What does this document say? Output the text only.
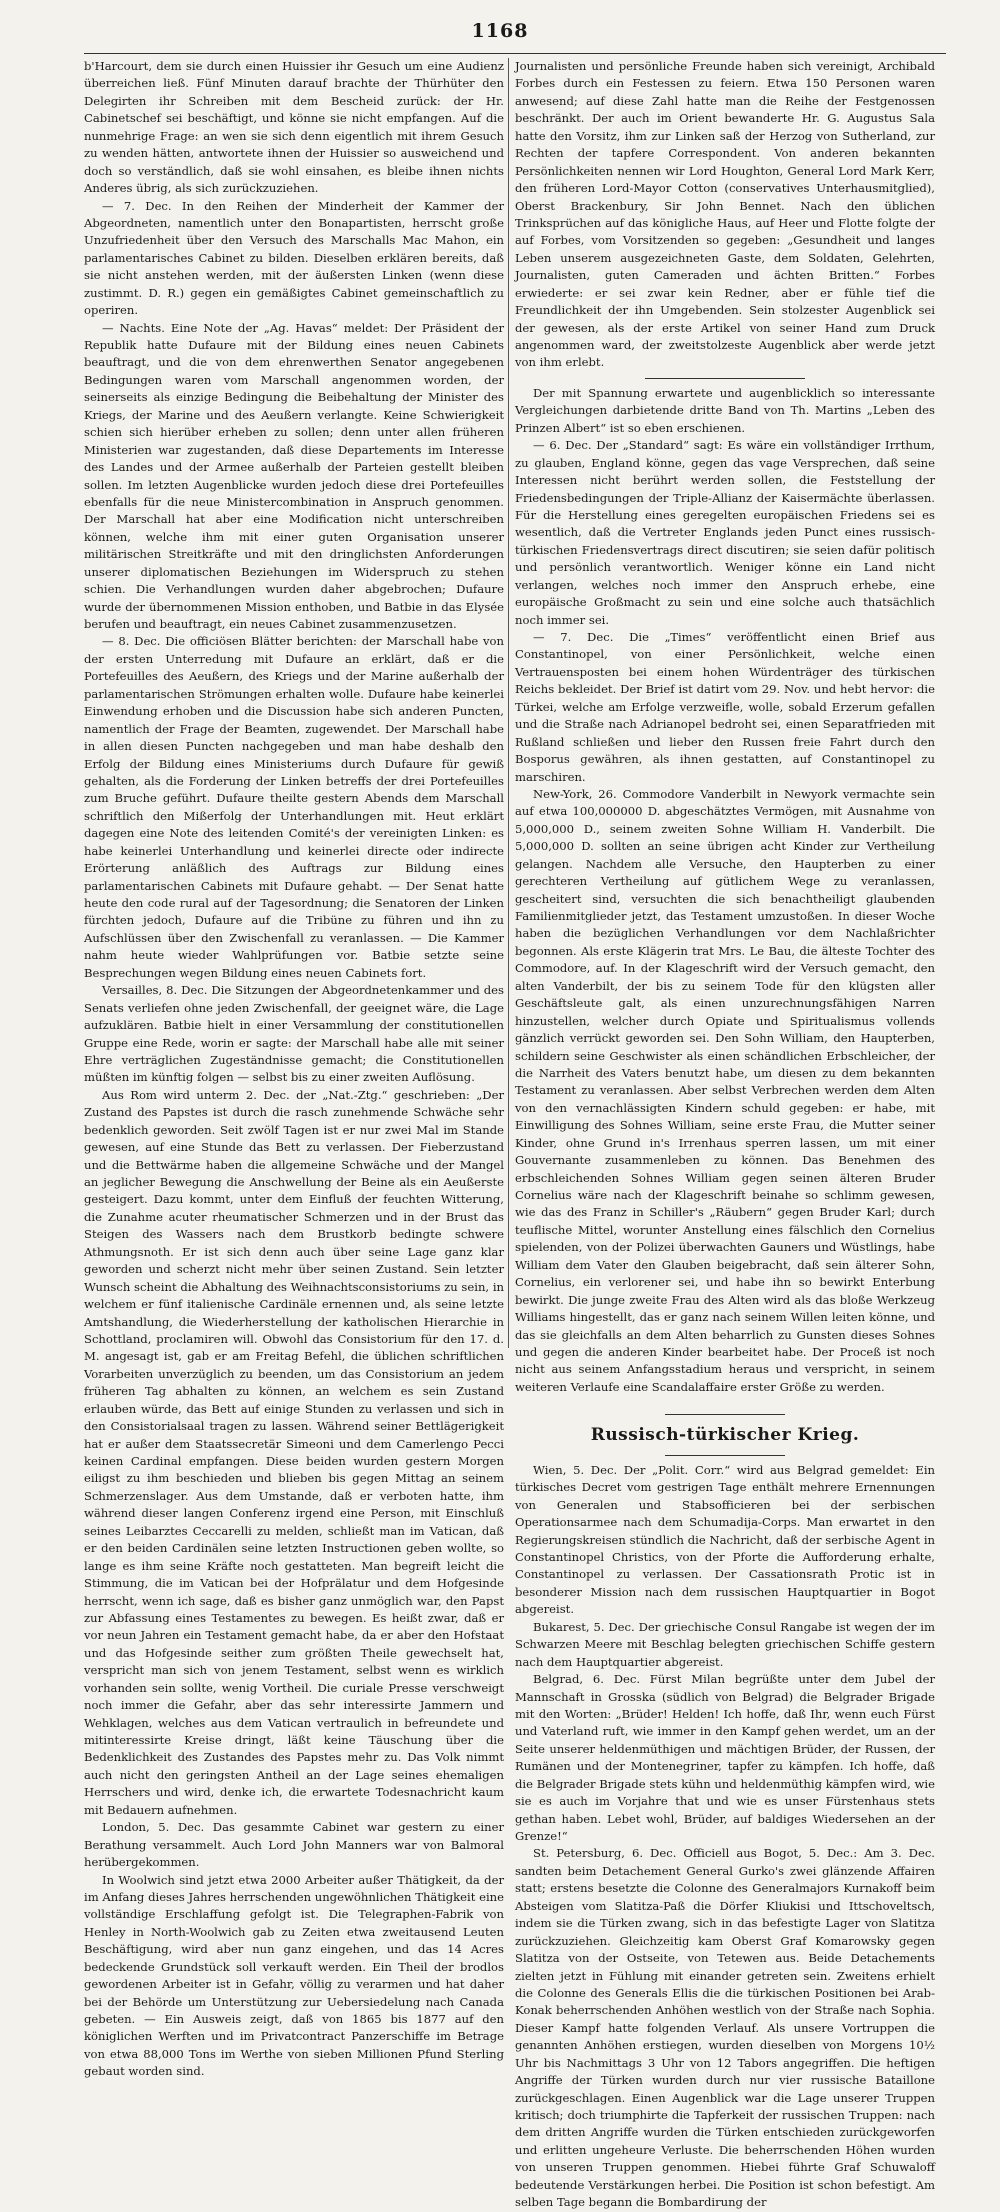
1168

b'Harcourt, dem sie durch einen Huissier ihr Gesuch um eine Audienz überreichen ließ. Fünf Minuten darauf brachte der Thürhüter den Delegirten ihr Schreiben mit dem Bescheid zurück: der Hr. Cabinetschef sei beschäftigt, und könne sie nicht empfangen. Auf die nunmehrige Frage: an wen sie sich denn eigentlich mit ihrem Gesuch zu wenden hätten, antwortete ihnen der Huissier so ausweichend und doch so verständlich, daß sie wohl einsahen, es bleibe ihnen nichts Anderes übrig, als sich zurückzuziehen.

— 7. Dec. In den Reihen der Minderheit der Kammer der Abgeordneten, namentlich unter den Bonapartisten, herrscht große Unzufriedenheit über den Versuch des Marschalls Mac Mahon, ein parlamentarisches Cabinet zu bilden. Dieselben erklären bereits, daß sie nicht anstehen werden, mit der äußersten Linken (wenn diese zustimmt. D. R.) gegen ein gemäßigtes Cabinet gemeinschaftlich zu operiren.

— Nachts. Eine Note der „Ag. Havas“ meldet: Der Präsident der Republik hatte Dufaure mit der Bildung eines neuen Cabinets beauftragt, und die von dem ehrenwerthen Senator angegebenen Bedingungen waren vom Marschall angenommen worden, der seinerseits als einzige Bedingung die Beibehaltung der Minister des Kriegs, der Marine und des Aeußern verlangte. Keine Schwierigkeit schien sich hierüber erheben zu sollen; denn unter allen früheren Ministerien war zugestanden, daß diese Departements im Interesse des Landes und der Armee außerhalb der Parteien gestellt bleiben sollen. Im letzten Augenblicke wurden jedoch diese drei Portefeuilles ebenfalls für die neue Ministercombination in Anspruch genommen. Der Marschall hat aber eine Modification nicht unterschreiben können, welche ihm mit einer guten Organisation unserer militärischen Streitkräfte und mit den dringlichsten Anforderungen unserer diplomatischen Beziehungen im Widerspruch zu stehen schien. Die Verhandlungen wurden daher abgebrochen; Dufaure wurde der übernommenen Mission enthoben, und Batbie in das Elysée berufen und beauftragt, ein neues Cabinet zusammenzusetzen.

— 8. Dec. Die officiösen Blätter berichten: der Marschall habe von der ersten Unterredung mit Dufaure an erklärt, daß er die Portefeuilles des Aeußern, des Kriegs und der Marine außerhalb der parlamentarischen Strömungen erhalten wolle. Dufaure habe keinerlei Einwendung erhoben und die Discussion habe sich anderen Puncten, namentlich der Frage der Beamten, zugewendet. Der Marschall habe in allen diesen Puncten nachgegeben und man habe deshalb den Erfolg der Bildung eines Ministeriums durch Dufaure für gewiß gehalten, als die Forderung der Linken betreffs der drei Portefeuilles zum Bruche geführt. Dufaure theilte gestern Abends dem Marschall schriftlich den Mißerfolg der Unterhandlungen mit. Heut erklärt dagegen eine Note des leitenden Comité's der vereinigten Linken: es habe keinerlei Unterhandlung und keinerlei directe oder indirecte Erörterung anläßlich des Auftrags zur Bildung eines parlamentarischen Cabinets mit Dufaure gehabt. — Der Senat hatte heute den code rural auf der Tagesordnung; die Senatoren der Linken fürchten jedoch, Dufaure auf die Tribüne zu führen und ihn zu Aufschlüssen über den Zwischenfall zu veranlassen. — Die Kammer nahm heute wieder Wahlprüfungen vor. Batbie setzte seine Besprechungen wegen Bildung eines neuen Cabinets fort.

Versailles, 8. Dec. Die Sitzungen der Abgeordnetenkammer und des Senats verliefen ohne jeden Zwischenfall, der geeignet wäre, die Lage aufzuklären. Batbie hielt in einer Versammlung der constitutionellen Gruppe eine Rede, worin er sagte: der Marschall habe alle mit seiner Ehre verträglichen Zugeständnisse gemacht; die Constitutionellen müßten im künftig folgen — selbst bis zu einer zweiten Auflösung.

Aus Rom wird unterm 2. Dec. der „Nat.-Ztg.“ geschrieben: „Der Zustand des Papstes ist durch die rasch zunehmende Schwäche sehr bedenklich geworden. Seit zwölf Tagen ist er nur zwei Mal im Stande gewesen, auf eine Stunde das Bett zu verlassen. Der Fieberzustand und die Bettwärme haben die allgemeine Schwäche und der Mangel an jeglicher Bewegung die Anschwellung der Beine als ein Aeußerste gesteigert. Dazu kommt, unter dem Einfluß der feuchten Witterung, die Zunahme acuter rheumatischer Schmerzen und in der Brust das Steigen des Wassers nach dem Brustkorb bedingte schwere Athmungsnoth. Er ist sich denn auch über seine Lage ganz klar geworden und scherzt nicht mehr über seinen Zustand. Sein letzter Wunsch scheint die Abhaltung des Weihnachtsconsistoriums zu sein, in welchem er fünf italienische Cardinäle ernennen und, als seine letzte Amtshandlung, die Wiederherstellung der katholischen Hierarchie in Schottland, proclamiren will. Obwohl das Consistorium für den 17. d. M. angesagt ist, gab er am Freitag Befehl, die üblichen schriftlichen Vorarbeiten unverzüglich zu beenden, um das Consistorium an jedem früheren Tag abhalten zu können, an welchem es sein Zustand erlauben würde, das Bett auf einige Stunden zu verlassen und sich in den Consistorialsaal tragen zu lassen. Während seiner Bettlägerigkeit hat er außer dem Staatssecretär Simeoni und dem Camerlengo Pecci keinen Cardinal empfangen. Diese beiden wurden gestern Morgen eiligst zu ihm beschieden und blieben bis gegen Mittag an seinem Schmerzenslager. Aus dem Umstande, daß er verboten hatte, ihm während dieser langen Conferenz irgend eine Person, mit Einschluß seines Leibarztes Ceccarelli zu melden, schließt man im Vatican, daß er den beiden Cardinälen seine letzten Instructionen geben wollte, so lange es ihm seine Kräfte noch gestatteten. Man begreift leicht die Stimmung, die im Vatican bei der Hofprälatur und dem Hofgesinde herrscht, wenn ich sage, daß es bisher ganz unmöglich war, den Papst zur Abfassung eines Testamentes zu bewegen. Es heißt zwar, daß er vor neun Jahren ein Testament gemacht habe, da er aber den Hofstaat und das Hofgesinde seither zum größten Theile gewechselt hat, verspricht man sich von jenem Testament, selbst wenn es wirklich vorhanden sein sollte, wenig Vortheil. Die curiale Presse verschweigt noch immer die Gefahr, aber das sehr interessirte Jammern und Wehklagen, welches aus dem Vatican vertraulich in befreundete und mitinteressirte Kreise dringt, läßt keine Täuschung über die Bedenklichkeit des Zustandes des Papstes mehr zu. Das Volk nimmt auch nicht den geringsten Antheil an der Lage seines ehemaligen Herrschers und wird, denke ich, die erwartete Todesnachricht kaum mit Bedauern aufnehmen.

London, 5. Dec. Das gesammte Cabinet war gestern zu einer Berathung versammelt. Auch Lord John Manners war von Balmoral herübergekommen.

In Woolwich sind jetzt etwa 2000 Arbeiter außer Thätigkeit, da der im Anfang dieses Jahres herrschenden ungewöhnlichen Thätigkeit eine vollständige Erschlaffung gefolgt ist. Die Telegraphen-Fabrik von Henley in North-Woolwich gab zu Zeiten etwa zweitausend Leuten Beschäftigung, wird aber nun ganz eingehen, und das 14 Acres bedeckende Grundstück soll verkauft werden. Ein Theil der brodlos gewordenen Arbeiter ist in Gefahr, völlig zu verarmen und hat daher bei der Behörde um Unterstützung zur Uebersiedelung nach Canada gebeten. — Ein Ausweis zeigt, daß von 1865 bis 1877 auf den königlichen Werften und im Privatcontract Panzerschiffe im Betrage von etwa 88,000 Tons im Werthe von sieben Millionen Pfund Sterling gebaut worden sind.

Journalisten und persönliche Freunde haben sich vereinigt, Archibald Forbes durch ein Festessen zu feiern. Etwa 150 Personen waren anwesend; auf diese Zahl hatte man die Reihe der Festgenossen beschränkt. Der auch im Orient bewanderte Hr. G. Augustus Sala hatte den Vorsitz, ihm zur Linken saß der Herzog von Sutherland, zur Rechten der tapfere Correspondent. Von anderen bekannten Persönlichkeiten nennen wir Lord Houghton, General Lord Mark Kerr, den früheren Lord-Mayor Cotton (conservatives Unterhausmitglied), Oberst Brackenbury, Sir John Bennet. Nach den üblichen Trinksprüchen auf das königliche Haus, auf Heer und Flotte folgte der auf Forbes, vom Vorsitzenden so gegeben: „Gesundheit und langes Leben unserem ausgezeichneten Gaste, dem Soldaten, Gelehrten, Journalisten, guten Cameraden und ächten Britten.“ Forbes erwiederte: er sei zwar kein Redner, aber er fühle tief die Freundlichkeit der ihn Umgebenden. Sein stolzester Augenblick sei der gewesen, als der erste Artikel von seiner Hand zum Druck angenommen ward, der zweitstolzeste Augenblick aber werde jetzt von ihm erlebt.

Der mit Spannung erwartete und augenblicklich so interessante Vergleichungen darbietende dritte Band von Th. Martins „Leben des Prinzen Albert“ ist so eben erschienen.

— 6. Dec. Der „Standard“ sagt: Es wäre ein vollständiger Irrthum, zu glauben, England könne, gegen das vage Versprechen, daß seine Interessen nicht berührt werden sollen, die Feststellung der Friedensbedingungen der Triple-Allianz der Kaisermächte überlassen. Für die Herstellung eines geregelten europäischen Friedens sei es wesentlich, daß die Vertreter Englands jeden Punct eines russisch-türkischen Friedensvertrags direct discutiren; sie seien dafür politisch und persönlich verantwortlich. Weniger könne ein Land nicht verlangen, welches noch immer den Anspruch erhebe, eine europäische Großmacht zu sein und eine solche auch thatsächlich noch immer sei.

— 7. Dec. Die „Times“ veröffentlicht einen Brief aus Constantinopel, von einer Persönlichkeit, welche einen Vertrauensposten bei einem hohen Würdenträger des türkischen Reichs bekleidet. Der Brief ist datirt vom 29. Nov. und hebt hervor: die Türkei, welche am Erfolge verzweifle, wolle, sobald Erzerum gefallen und die Straße nach Adrianopel bedroht sei, einen Separatfrieden mit Rußland schließen und lieber den Russen freie Fahrt durch den Bosporus gewähren, als ihnen gestatten, auf Constantinopel zu marschiren.

New-York, 26. Commodore Vanderbilt in Newyork vermachte sein auf etwa 100,000000 D. abgeschätztes Vermögen, mit Ausnahme von 5,000,000 D., seinem zweiten Sohne William H. Vanderbilt. Die 5,000,000 D. sollten an seine übrigen acht Kinder zur Vertheilung gelangen. Nachdem alle Versuche, den Haupterben zu einer gerechteren Vertheilung auf gütlichem Wege zu veranlassen, gescheitert sind, versuchten die sich benachtheiligt glaubenden Familienmitglieder jetzt, das Testament umzustoßen. In dieser Woche haben die bezüglichen Verhandlungen vor dem Nachlaßrichter begonnen. Als erste Klägerin trat Mrs. Le Bau, die älteste Tochter des Commodore, auf. In der Klageschrift wird der Versuch gemacht, den alten Vanderbilt, der bis zu seinem Tode für den klügsten aller Geschäftsleute galt, als einen unzurechnungsfähigen Narren hinzustellen, welcher durch Opiate und Spiritualismus vollends gänzlich verrückt geworden sei. Den Sohn William, den Haupterben, schildern seine Geschwister als einen schändlichen Erbschleicher, der die Narrheit des Vaters benutzt habe, um diesen zu dem bekannten Testament zu veranlassen. Aber selbst Verbrechen werden dem Alten von den vernachlässigten Kindern schuld gegeben: er habe, mit Einwilligung des Sohnes William, seine erste Frau, die Mutter seiner Kinder, ohne Grund in's Irrenhaus sperren lassen, um mit einer Gouvernante zusammenleben zu können. Das Benehmen des erbschleichenden Sohnes William gegen seinen älteren Bruder Cornelius wäre nach der Klageschrift beinahe so schlimm gewesen, wie das des Franz in Schiller's „Räubern“ gegen Bruder Karl; durch teuflische Mittel, worunter Anstellung eines fälschlich den Cornelius spielenden, von der Polizei überwachten Gauners und Wüstlings, habe William dem Vater den Glauben beigebracht, daß sein älterer Sohn, Cornelius, ein verlorener sei, und habe ihn so bewirkt Enterbung bewirkt. Die junge zweite Frau des Alten wird als das bloße Werkzeug Williams hingestellt, das er ganz nach seinem Willen leiten könne, und das sie gleichfalls an dem Alten beharrlich zu Gunsten dieses Sohnes und gegen die anderen Kinder bearbeitet habe. Der Proceß ist noch nicht aus seinem Anfangsstadium heraus und verspricht, in seinem weiteren Verlaufe eine Scandalaffaire erster Größe zu werden.

Russisch-türkischer Krieg.

Wien, 5. Dec. Der „Polit. Corr.“ wird aus Belgrad gemeldet: Ein türkisches Decret vom gestrigen Tage enthält mehrere Ernennungen von Generalen und Stabsofficieren bei der serbischen Operationsarmee nach dem Schumadija-Corps. Man erwartet in den Regierungskreisen stündlich die Nachricht, daß der serbische Agent in Constantinopel Christics, von der Pforte die Aufforderung erhalte, Constantinopel zu verlassen. Der Cassationsrath Protic ist in besonderer Mission nach dem russischen Hauptquartier in Bogot abgereist.

Bukarest, 5. Dec. Der griechische Consul Rangabe ist wegen der im Schwarzen Meere mit Beschlag belegten griechischen Schiffe gestern nach dem Hauptquartier abgereist.

Belgrad, 6. Dec. Fürst Milan begrüßte unter dem Jubel der Mannschaft in Grosska (südlich von Belgrad) die Belgrader Brigade mit den Worten: „Brüder! Helden! Ich hoffe, daß Ihr, wenn euch Fürst und Vaterland ruft, wie immer in den Kampf gehen werdet, um an der Seite unserer heldenmüthigen und mächtigen Brüder, der Russen, der Rumänen und der Montenegriner, tapfer zu kämpfen. Ich hoffe, daß die Belgrader Brigade stets kühn und heldenmüthig kämpfen wird, wie sie es auch im Vorjahre that und wie es unser Fürstenhaus stets gethan haben. Lebet wohl, Brüder, auf baldiges Wiedersehen an der Grenze!“

St. Petersburg, 6. Dec. Officiell aus Bogot, 5. Dec.: Am 3. Dec. sandten beim Detachement General Gurko's zwei glänzende Affairen statt; erstens besetzte die Colonne des Generalmajors Kurnakoff beim Absteigen vom Slatitza-Paß die Dörfer Kliukisi und Ittschoveltsch, indem sie die Türken zwang, sich in das befestigte Lager von Slatitza zurückzuziehen. Gleichzeitig kam Oberst Graf Komarowsky gegen Slatitza von der Ostseite, von Tetewen aus. Beide Detachements zielten jetzt in Fühlung mit einander getreten sein. Zweitens erhielt die Colonne des Generals Ellis die die türkischen Positionen bei Arab-Konak beherrschenden Anhöhen westlich von der Straße nach Sophia. Dieser Kampf hatte folgenden Verlauf. Als unsere Vortruppen die genannten Anhöhen erstiegen, wurden dieselben von Morgens 10½ Uhr bis Nachmittags 3 Uhr von 12 Tabors angegriffen. Die heftigen Angriffe der Türken wurden durch nur vier russische Bataillone zurückgeschlagen. Einen Augenblick war die Lage unserer Truppen kritisch; doch triumphirte die Tapferkeit der russischen Truppen: nach dem dritten Angriffe wurden die Türken entschieden zurückgeworfen und erlitten ungeheure Verluste. Die beherrschenden Höhen wurden von unseren Truppen genommen. Hiebei führte Graf Schuwaloff bedeutende Verstärkungen herbei. Die Position ist schon befestigt. Am selben Tage begann die Bombardirung der
